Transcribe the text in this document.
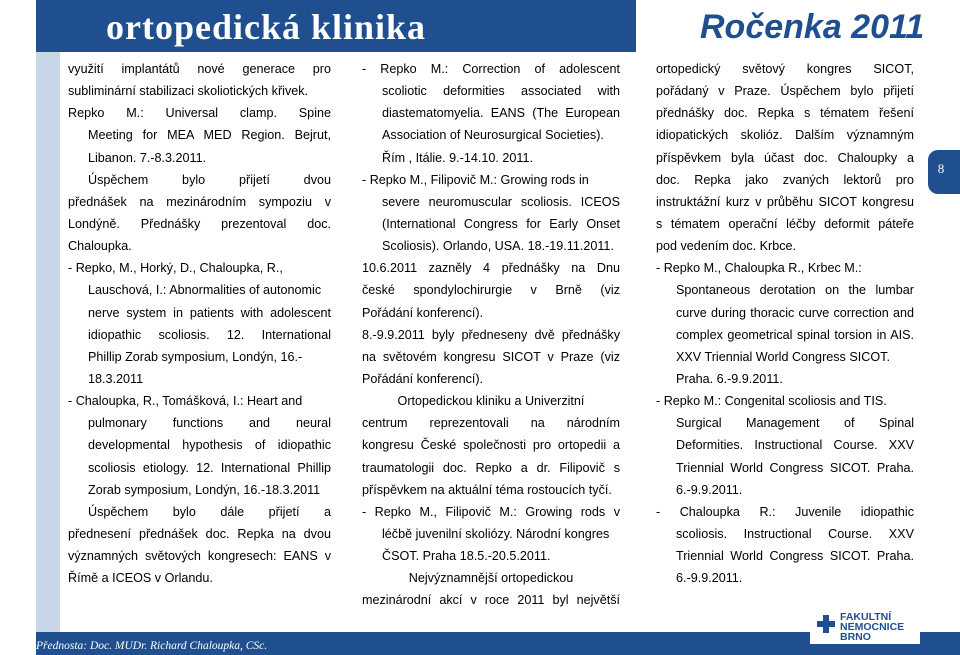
ortopedická klinika	Ročenka 2011
využití implantátů nové generace pro
subliminární stabilizaci skoliotických křivek.
Repko M.: Universal clamp. Spine
Meeting for MEA MED Region. Bejrut,
Libanon. 7.-8.3.2011.
Úspěchem bylo přijetí dvou
přednášek na mezinárodním sympoziu v
Londýně. Přednášky prezentoval doc.
Chaloupka.
- Repko, M., Horký, D., Chaloupka, R.,
Lauschová, I.: Abnormalities of autonomic
nerve system in patients with adolescent
idiopathic scoliosis. 12. International
Phillip Zorab symposium, Londýn, 16.-
18.3.2011
- Chaloupka, R., Tomášková, I.: Heart and
pulmonary functions and neural
developmental hypothesis of idiopathic
scoliosis etiology. 12. International Phillip
Zorab symposium, Londýn, 16.-18.3.2011
Úspěchem bylo dále přijetí a
přednesení přednášek doc. Repka na dvou
významných světových kongresech: EANS v
Římě a ICEOS v Orlandu.
- Repko M.: Correction of adolescent
scoliotic deformities associated with
diastematomyelia. EANS (The European
Association of Neurosurgical Societies).
Řím , Itálie. 9.-14.10. 2011.
- Repko M., Filipovič M.: Growing rods in
severe neuromuscular scoliosis. ICEOS
(International Congress for Early Onset
Scoliosis). Orlando, USA. 18.-19.11.2011.
10.6.2011 zazněly 4 přednášky na Dnu
české spondylochirurgie v Brně (viz
Pořádání konferencí).
8.-9.9.2011 byly předneseny dvě přednášky
na světovém kongresu SICOT v Praze (viz
Pořádání konferencí).
Ortopedickou kliniku a Univerzitní
centrum reprezentovali na národním
kongresu České společnosti pro ortopedii a
traumatologii doc. Repko a dr. Filipovič s
příspěvkem na aktuální téma rostoucích tyčí.
- Repko M., Filipovič M.: Growing rods v
léčbě juvenilní skoliózy. Národní kongres
ČSOT. Praha 18.5.-20.5.2011.
Nejvýznamnější ortopedickou
mezinárodní akcí v roce 2011 byl největší
ortopedický světový kongres SICOT,
pořádaný v Praze. Úspěchem bylo přijetí
přednášky doc. Repka s tématem řešení
idiopatických skolióz. Dalším významným
příspěvkem byla účast doc. Chaloupky a
doc. Repka jako zvaných lektorů pro
instruktážní kurz v průběhu SICOT kongresu
s tématem operační léčby deformit páteře
pod vedením doc. Krbce.
- Repko M., Chaloupka R., Krbec M.:
Spontaneous derotation on the lumbar
curve during thoracic curve correction and
complex geometrical spinal torsion in AIS.
XXV Triennial World Congress SICOT.
Praha. 6.-9.9.2011.
- Repko M.: Congenital scoliosis and TIS.
Surgical Management of Spinal
Deformities. Instructional Course. XXV
Triennial World Congress SICOT. Praha.
6.-9.9.2011.
- Chaloupka R.: Juvenile idiopathic
scoliosis. Instructional Course. XXV
Triennial World Congress SICOT. Praha.
6.-9.9.2011.
8
Přednosta: Doc. MUDr. Richard Chaloupka, CSc.
FAKULTNÍ
NEMOCNICE
BRNO
